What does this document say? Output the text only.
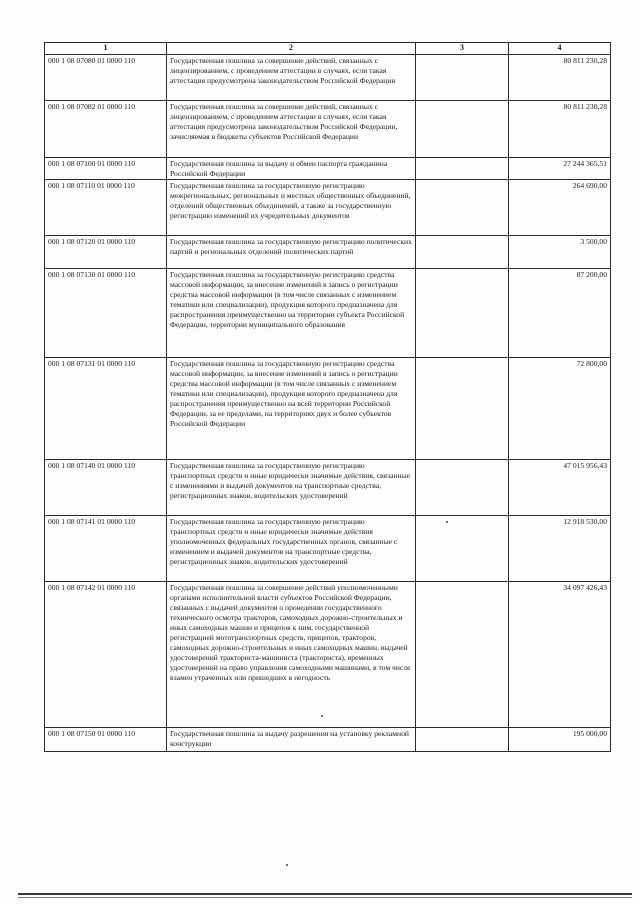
1	2	3	4
000 1 08 07080 01 0000 110	Государственная пошлина за совершение действий, связанных с лицензированием, с проведением аттестации в случаях, если такая аттестация предусмотрена законодательством Российской Федерации		80 811 230,28
000 1 08 07082 01 0000 110	Государственная пошлина за совершение действий, связанных с лицензированием, с проведением аттестации в случаях, если такая аттестация предусмотрена законодательством Российской Федерации, зачисляемая в бюджеты субъектов Российской Федерации		80 811 230,28
000 1 08 07100 01 0000 110	Государственная пошлина за выдачу и обмен паспорта гражданина Российской Федерации		27 244 365,51
000 1 08 07110 01 0000 110	Государственная пошлина за государственную регистрацию межрегиональных, региональных и местных общественных объединений, отделений общественных объединений, а также за государственную регистрацию изменений их учредительных документов		264 690,00
000 1 08 07120 01 0000 110	Государственная пошлина за государственную регистрацию политических партий и региональных отделений политических партий		3 500,00
000 1 08 07130 01 0000 110	Государственная пошлина за государственную регистрацию средства массовой информации, за внесение изменений в запись о регистрации средства массовой информации (в том числе связанных с изменением тематики или специализации), продукция которого предназначена для распространения преимущественно на территории субъекта Российской Федерации, территории муниципального образования		87 200,00
000 1 08 07131 01 0000 110	Государственная пошлина за государственную регистрацию средства массовой информации, за внесение изменений в запись о регистрации средства массовой информации (в том числе связанных с изменением тематики или специализации), продукция которого предназначена для распространения преимущественно на всей территории Российской Федерации, за ее пределами, на территориях двух и более субъектов Российской Федерации		72 800,00
000 1 08 07140 01 0000 110	Государственная пошлина за государственную регистрацию транспортных средств и иные юридически значимые действия, связанные с изменениями и выдачей документов на транспортные средства, регистрационных знаков, водительских удостоверений		47 015 956,43
000 1 08 07141 01 0000 110	Государственная пошлина за государственную регистрацию транспортных средств и иные юридически значимые действия уполномоченных федеральных государственных органов, связанные с изменением и выдачей документов на транспортные средства, регистрационных знаков, водительских удостоверений		12 918 530,00
000 1 08 07142 01 0000 110	Государственная пошлина за совершение действий уполномоченными органами исполнительной власти субъектов Российской Федерации, связанных с выдачей документов о проведении государственного технического осмотра тракторов, самоходных дорожно-строительных и иных самоходных машин и прицепов к ним, государственной регистрацией мототранспортных средств, прицепов, тракторов, самоходных дорожно-строительных и иных самоходных машин, выдачей удостоверений тракториста-машиниста (тракториста), временных удостоверений на право управления самоходными машинами, в том числе взамен утраченных или пришедших в негодность		34 097 426,43
000 1 08 07150 01 0000 110	Государственная пошлина за выдачу разрешения на установку рекламной конструкции		195 000,00
